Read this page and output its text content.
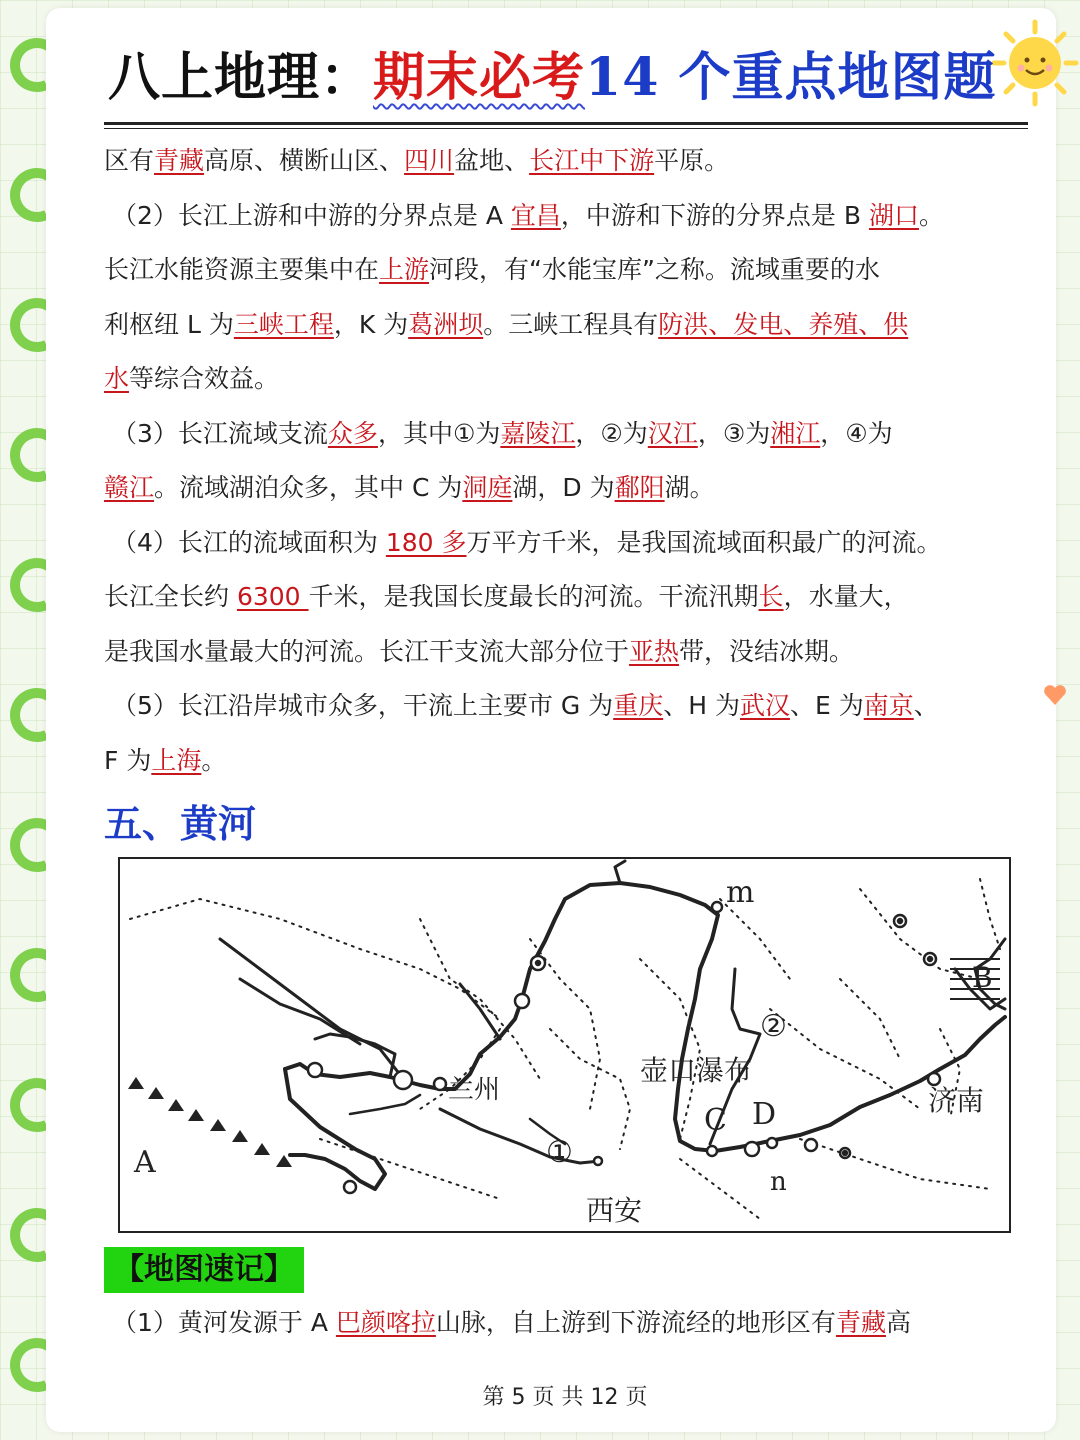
八上地理：期末必考14 个重点地图题

区有青藏高原、横断山区、四川盆地、长江中下游平原。

（2）长江上游和中游的分界点是 A 宜昌，中游和下游的分界点是 B 湖口。

长江水能资源主要集中在上游河段，有“水能宝库”之称。流域重要的水

利枢纽 L 为三峡工程，K 为葛洲坝。三峡工程具有防洪、发电、养殖、供

水等综合效益。

（3）长江流域支流众多，其中①为嘉陵江，②为汉江，③为湘江，④为

赣江。流域湖泊众多，其中 C 为洞庭湖，D 为鄱阳湖。

（4）长江的流域面积为 180 多万平方千米，是我国流域面积最广的河流。

长江全长约 6300 千米，是我国长度最长的河流。干流汛期长，水量大，

是我国水量最大的河流。长江干支流大部分位于亚热带，没结冰期。

（5）长江沿岸城市众多，干流上主要市 G 为重庆、H 为武汉、E 为南京、

F 为上海。

五、黄河
m
B
②
壶口瀑布
济南
兰州
C D
①
A
n
西安
【地图速记】

（1）黄河发源于 A 巴颜喀拉山脉，自上游到下游流经的地形区有青藏高

第 5 页 共 12 页
